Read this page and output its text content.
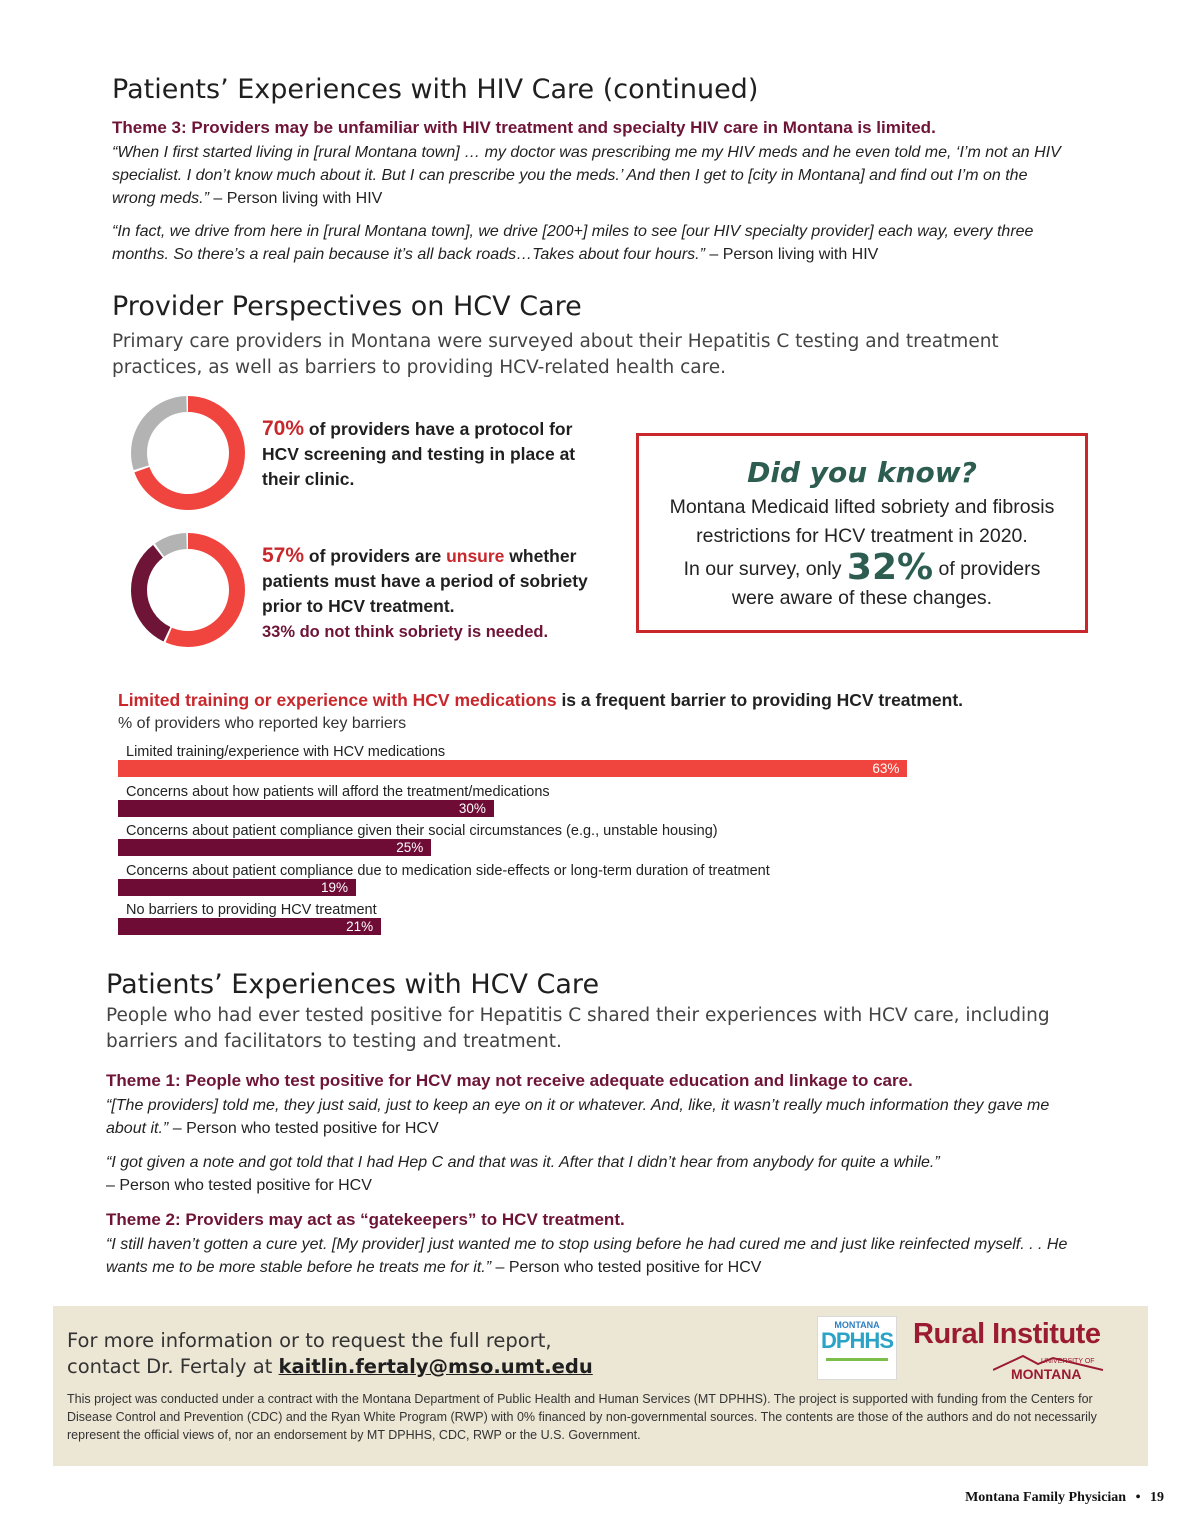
Patients’ Experiences with HIV Care (continued)
Theme 3: Providers may be unfamiliar with HIV treatment and specialty HIV care in Montana is limited.

“When I first started living in [rural Montana town] … my doctor was prescribing me my HIV meds and he even told me, ‘I’m not an HIV specialist. I don’t know much about it. But I can prescribe you the meds.’ And then I get to [city in Montana] and find out I’m on the wrong meds.” – Person living with HIV

“In fact, we drive from here in [rural Montana town], we drive [200+] miles to see [our HIV specialty provider] each way, every three months. So there’s a real pain because it’s all back roads…Takes about four hours.” – Person living with HIV

Provider Perspectives on HCV Care

Primary care providers in Montana were surveyed about their Hepatitis C testing and treatment practices, as well as barriers to providing HCV-related health care.

70% of providers have a protocol for HCV screening and testing in place at their clinic.

57% of providers are unsure whether patients must have a period of sobriety prior to HCV treatment.
33% do not think sobriety is needed.

Did you know?
Montana Medicaid lifted sobriety and fibrosis restrictions for HCV treatment in 2020.
In our survey, only 32% of providers
were aware of these changes.
Limited training or experience with HCV medications is a frequent barrier to providing HCV treatment.
% of providers who reported key barriers
Limited training/experience with HCV medications
63%
Concerns about how patients will afford the treatment/medications
30%
Concerns about patient compliance given their social circumstances (e.g., unstable housing)
25%
Concerns about patient compliance due to medication side-effects or long-term duration of treatment
19%
No barriers to providing HCV treatment
21%
Patients’ Experiences with HCV Care

People who had ever tested positive for Hepatitis C shared their experiences with HCV care, including barriers and facilitators to testing and treatment.

Theme 1: People who test positive for HCV may not receive adequate education and linkage to care.

“[The providers] told me, they just said, just to keep an eye on it or whatever. And, like, it wasn’t really much information they gave me about it.” – Person who tested positive for HCV

“I got given a note and got told that I had Hep C and that was it. After that I didn’t hear from anybody for quite a while.”
– Person who tested positive for HCV

Theme 2: Providers may act as “gatekeepers” to HCV treatment.

“I still haven’t gotten a cure yet. [My provider] just wanted me to stop using before he had cured me and just like reinfected myself. . . He wants me to be more stable before he treats me for it.” – Person who tested positive for HCV

For more information or to request the full report,
contact Dr. Fertaly at kaitlin.fertaly@mso.umt.edu
MONTANA
DPHHS Rural Institute
UNIVERSITY OF
MONTANA
This project was conducted under a contract with the Montana Department of Public Health and Human Services (MT DPHHS). The project is supported with funding from the Centers for Disease Control and Prevention (CDC) and the Ryan White Program (RWP) with 0% financed by non-governmental sources. The contents are those of the authors and do not necessarily represent the official views of, nor an endorsement by MT DPHHS, CDC, RWP or the U.S. Government.
Montana Family Physician • 19
